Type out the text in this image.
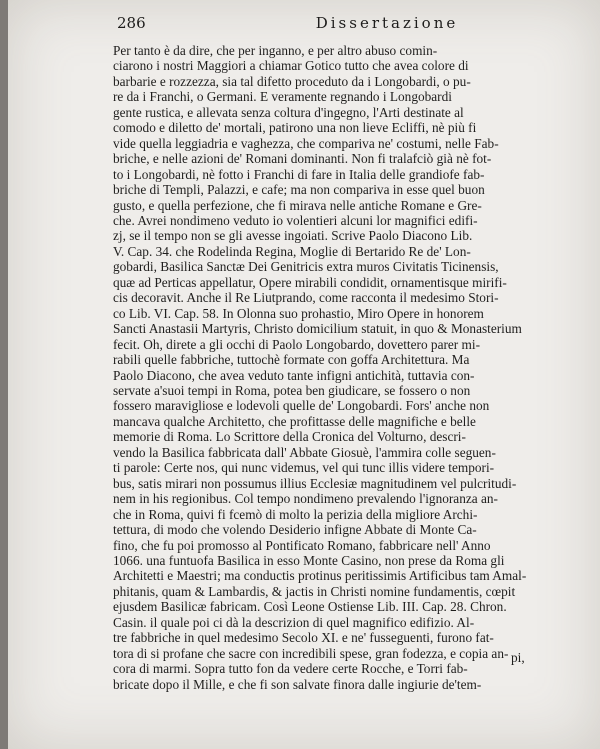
286	Dissertazione
Per tanto è da dire, che per inganno, e per altro abuso comin-
ciarono i nostri Maggiori a chiamar Gotico tutto che avea colore di
barbarie e rozzezza, sia tal difetto proceduto da i Longobardi, o pu-
re da i Franchi, o Germani. E veramente regnando i Longobardi
gente rustica, e allevata senza coltura d'ingegno, l'Arti destinate al
comodo e diletto de' mortali, patirono una non lieve Ecliffi, nè più fi
vide quella leggiadria e vaghezza, che compariva ne' costumi, nelle Fab-
briche, e nelle azioni de' Romani dominanti. Non fi tralafciò già nè fot-
to i Longobardi, nè fotto i Franchi di fare in Italia delle grandiofe fab-
briche di Templi, Palazzi, e cafe; ma non compariva in esse quel buon
gusto, e quella perfezione, che fi mirava nelle antiche Romane e Gre-
che. Avrei nondimeno veduto io volentieri alcuni lor magnifici edifi-
zj, se il tempo non se gli avesse ingoiati. Scrive Paolo Diacono Lib.
V. Cap. 34. che Rodelinda Regina, Moglie di Bertarido Re de' Lon-
gobardi, Basilica Sanctæ Dei Genitricis extra muros Civitatis Ticinensis,
quæ ad Perticas appellatur, Opere mirabili condidit, ornamentisque mirifi-
cis decoravit. Anche il Re Liutprando, come racconta il medesimo Stori-
co Lib. VI. Cap. 58. In Olonna suo prohastio, Miro Opere in honorem
Sancti Anastasii Martyris, Christo domicilium statuit, in quo & Monasterium
fecit. Oh, direte a gli occhi di Paolo Longobardo, dovettero parer mi-
rabili quelle fabbriche, tuttochè formate con goffa Architettura. Ma
Paolo Diacono, che avea veduto tante infigni antichità, tuttavia con-
servate a'suoi tempi in Roma, potea ben giudicare, se fossero o non
fossero maravigliose e lodevoli quelle de' Longobardi. Fors' anche non
mancava qualche Architetto, che profittasse delle magnifiche e belle
memorie di Roma. Lo Scrittore della Cronica del Volturno, descri-
vendo la Basilica fabbricata dall' Abbate Giosuè, l'ammira colle seguen-
ti parole: Certe nos, qui nunc videmus, vel qui tunc illis videre tempori-
bus, satis mirari non possumus illius Ecclesiæ magnitudinem vel pulcritudi-
nem in his regionibus. Col tempo nondimeno prevalendo l'ignoranza an-
che in Roma, quivi fi fcemò di molto la perizia della migliore Archi-
tettura, di modo che volendo Desiderio infigne Abbate di Monte Ca-
fino, che fu poi promosso al Pontificato Romano, fabbricare nell' Anno
1066. una funtuofa Basilica in esso Monte Casino, non prese da Roma gli
Architetti e Maestri; ma conductis protinus peritissimis Artificibus tam Amal-
phitanis, quam & Lambardis, & jactis in Christi nomine fundamentis, cœpit
ejusdem Basilicæ fabricam. Così Leone Ostiense Lib. III. Cap. 28. Chron.
Casin. il quale poi ci dà la descrizion di quel magnifico edifizio. Al-
tre fabbriche in quel medesimo Secolo XI. e ne' fusseguenti, furono fat-
tora di si profane che sacre con incredibili spese, gran fodezza, e copia an-
cora di marmi. Sopra tutto fon da vedere certe Rocche, e Torri fab-
bricate dopo il Mille, e che fi son salvate finora dalle ingiurie de'tem-
pi,
